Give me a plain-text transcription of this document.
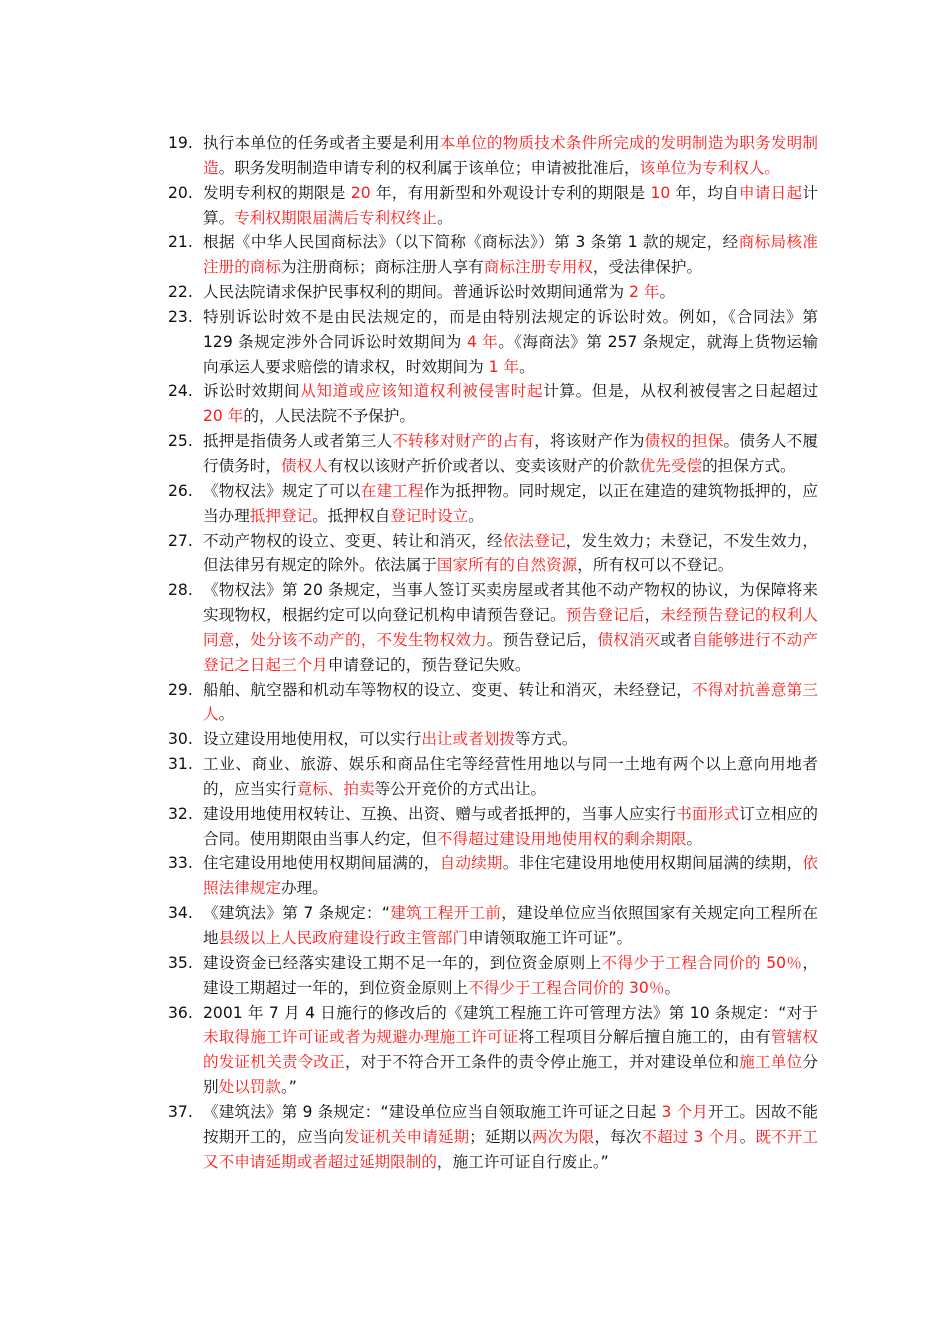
19. 执行本单位的任务或者主要是利用本单位的物质技术条件所完成的发明制造为职务发明制造。职务发明制造申请专利的权利属于该单位；申请被批准后，该单位为专利权人。
20. 发明专利权的期限是 20 年，有用新型和外观设计专利的期限是 10 年，均自申请日起计算。专利权期限届满后专利权终止。
21. 根据《中华人民国商标法》（以下简称《商标法》）第 3 条第 1 款的规定，经商标局核准注册的商标为注册商标；商标注册人享有商标注册专用权，受法律保护。
22. 人民法院请求保护民事权利的期间。普通诉讼时效期间通常为 2 年。
23. 特别诉讼时效不是由民法规定的，而是由特别法规定的诉讼时效。例如，《合同法》第 129 条规定涉外合同诉讼时效期间为 4 年。《海商法》第 257 条规定，就海上货物运输向承运人要求赔偿的请求权，时效期间为 1 年。
24. 诉讼时效期间从知道或应该知道权利被侵害时起计算。但是，从权利被侵害之日起超过 20 年的，人民法院不予保护。
25. 抵押是指债务人或者第三人不转移对财产的占有，将该财产作为债权的担保。债务人不履行债务时，债权人有权以该财产折价或者以、变卖该财产的价款优先受偿的担保方式。
26. 《物权法》规定了可以在建工程作为抵押物。同时规定，以正在建造的建筑物抵押的，应当办理抵押登记。抵押权自登记时设立。
27. 不动产物权的设立、变更、转让和消灭，经依法登记，发生效力；未登记，不发生效力，但法律另有规定的除外。依法属于国家所有的自然资源，所有权可以不登记。
28. 《物权法》第 20 条规定，当事人签订买卖房屋或者其他不动产物权的协议，为保障将来实现物权，根据约定可以向登记机构申请预告登记。预告登记后，未经预告登记的权利人同意，处分该不动产的，不发生物权效力。预告登记后，债权消灭或者自能够进行不动产登记之日起三个月申请登记的，预告登记失败。
29. 船舶、航空器和机动车等物权的设立、变更、转让和消灭，未经登记，不得对抗善意第三人。
30. 设立建设用地使用权，可以实行出让或者划拨等方式。
31. 工业、商业、旅游、娱乐和商品住宅等经营性用地以与同一土地有两个以上意向用地者的，应当实行竟标、拍卖等公开竞价的方式出让。
32. 建设用地使用权转让、互换、出资、赠与或者抵押的，当事人应实行书面形式订立相应的合同。使用期限由当事人约定，但不得超过建设用地使用权的剩余期限。
33. 住宅建设用地使用权期间届满的，自动续期。非住宅建设用地使用权期间届满的续期，依照法律规定办理。
34. 《建筑法》第 7 条规定：“建筑工程开工前，建设单位应当依照国家有关规定向工程所在地县级以上人民政府建设行政主管部门申请领取施工许可证”。
35. 建设资金已经落实建设工期不足一年的，到位资金原则上不得少于工程合同价的 50％，建设工期超过一年的，到位资金原则上不得少于工程合同价的 30％。
36. 2001 年 7 月 4 日施行的修改后的《建筑工程施工许可管理方法》第 10 条规定：“对于未取得施工许可证或者为规避办理施工许可证将工程项目分解后擅自施工的，由有管辖权的发证机关责令改正，对于不符合开工条件的责令停止施工，并对建设单位和施工单位分别处以罚款。”
37. 《建筑法》第 9 条规定：“建设单位应当自领取施工许可证之日起 3 个月开工。因故不能按期开工的，应当向发证机关申请延期；延期以两次为限，每次不超过 3 个月。既不开工又不申请延期或者超过延期限制的，施工许可证自行废止。”
